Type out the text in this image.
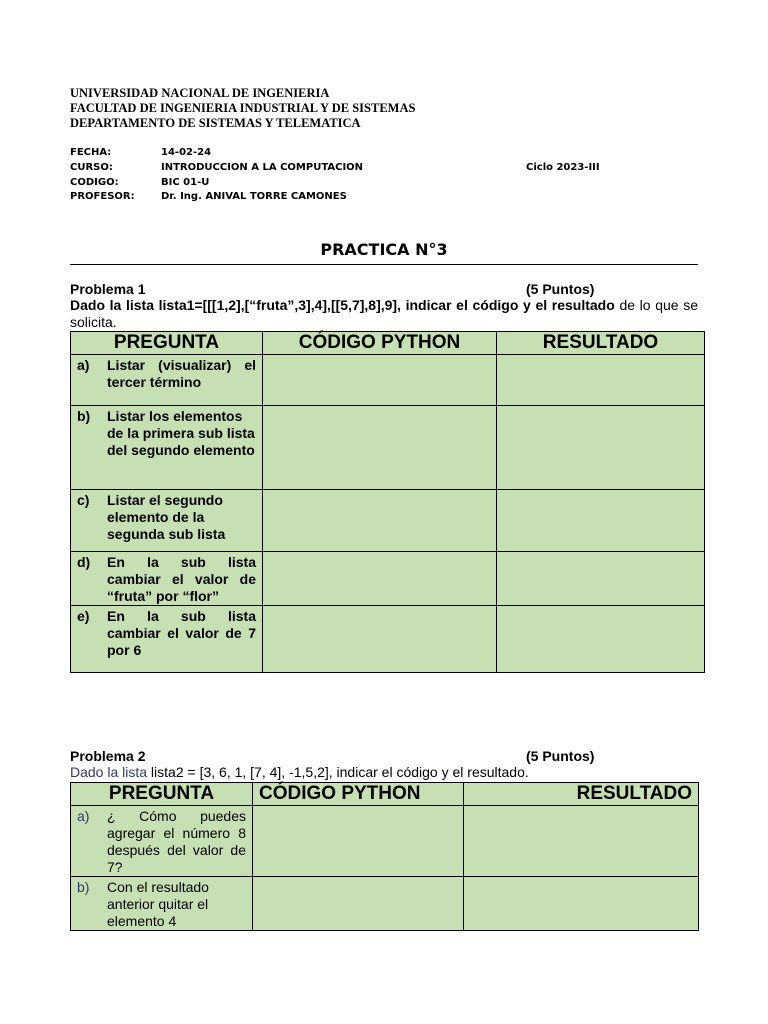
UNIVERSIDAD NACIONAL DE INGENIERIA
FACULTAD DE INGENIERIA INDUSTRIAL Y DE SISTEMAS
DEPARTAMENTO DE SISTEMAS Y TELEMATICA
FECHA:	14-02-24
CURSO:	INTRODUCCION A LA COMPUTACION	Ciclo 2023-III
CODIGO:	BIC 01-U
PROFESOR:	Dr. Ing. ANIVAL TORRE CAMONES
PRACTICA N°3
Problema 1	(5 Puntos)
Dado la lista lista1=[[[1,2],[“fruta”,3],4],[[5,7],8],9], indicar el código y el resultado de lo que se solicita.
PREGUNTA	CÓDIGO PYTHON	RESULTADO

a) Listar (visualizar) el tercer término		

b) Listar los elementos de la primera sub lista del segundo elemento		

c) Listar el segundo elemento de la segunda sub lista		

d) En la sub lista cambiar el valor de “fruta” por “flor”		

e) En la sub lista cambiar el valor de 7 por 6		

Problema 2	(5 Puntos)
Dado la lista lista2 = [3, 6, 1, [7, 4], -1,5,2], indicar el código y el resultado.
PREGUNTA	CÓDIGO PYTHON	RESULTADO

a) ¿ Cómo puedes agregar el número 8 después del valor de 7?		

b) Con el resultado anterior quitar el elemento 4		
